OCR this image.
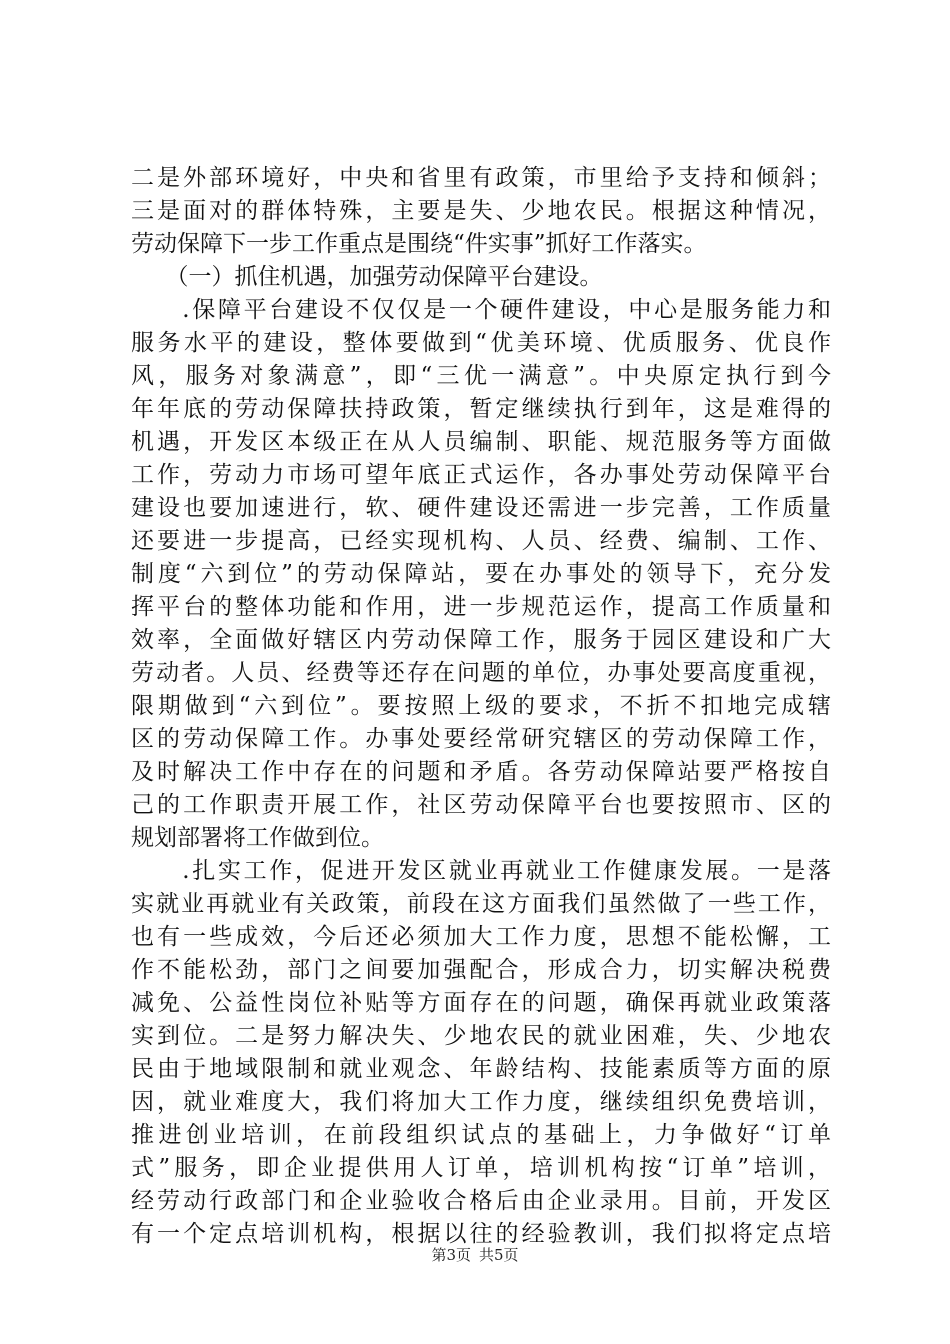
二是外部环境好，中央和省里有政策，市里给予支持和倾斜；
三是面对的群体特殊，主要是失、少地农民。根据这种情况，
劳动保障下一步工作重点是围绕“件实事”抓好工作落实。
　　（一）抓住机遇，加强劳动保障平台建设。
　　.保障平台建设不仅仅是一个硬件建设，中心是服务能力和
服务水平的建设，整体要做到“优美环境、优质服务、优良作
风，服务对象满意”，即“三优一满意”。中央原定执行到今
年年底的劳动保障扶持政策，暂定继续执行到年，这是难得的
机遇，开发区本级正在从人员编制、职能、规范服务等方面做
工作，劳动力市场可望年底正式运作，各办事处劳动保障平台
建设也要加速进行，软、硬件建设还需进一步完善，工作质量
还要进一步提高，已经实现机构、人员、经费、编制、工作、
制度“六到位”的劳动保障站，要在办事处的领导下，充分发
挥平台的整体功能和作用，进一步规范运作，提高工作质量和
效率，全面做好辖区内劳动保障工作，服务于园区建设和广大
劳动者。人员、经费等还存在问题的单位，办事处要高度重视，
限期做到“六到位”。要按照上级的要求，不折不扣地完成辖
区的劳动保障工作。办事处要经常研究辖区的劳动保障工作，
及时解决工作中存在的问题和矛盾。各劳动保障站要严格按自
己的工作职责开展工作，社区劳动保障平台也要按照市、区的
规划部署将工作做到位。
　　.扎实工作，促进开发区就业再就业工作健康发展。一是落
实就业再就业有关政策，前段在这方面我们虽然做了一些工作，
也有一些成效，今后还必须加大工作力度，思想不能松懈，工
作不能松劲，部门之间要加强配合，形成合力，切实解决税费
减免、公益性岗位补贴等方面存在的问题，确保再就业政策落
实到位。二是努力解决失、少地农民的就业困难，失、少地农
民由于地域限制和就业观念、年龄结构、技能素质等方面的原
因，就业难度大，我们将加大工作力度，继续组织免费培训，
推进创业培训，在前段组织试点的基础上，力争做好“订单
式”服务，即企业提供用人订单，培训机构按“订单”培训，
经劳动行政部门和企业验收合格后由企业录用。目前，开发区
有一个定点培训机构，根据以往的经验教训，我们拟将定点培
第3页 共5页
